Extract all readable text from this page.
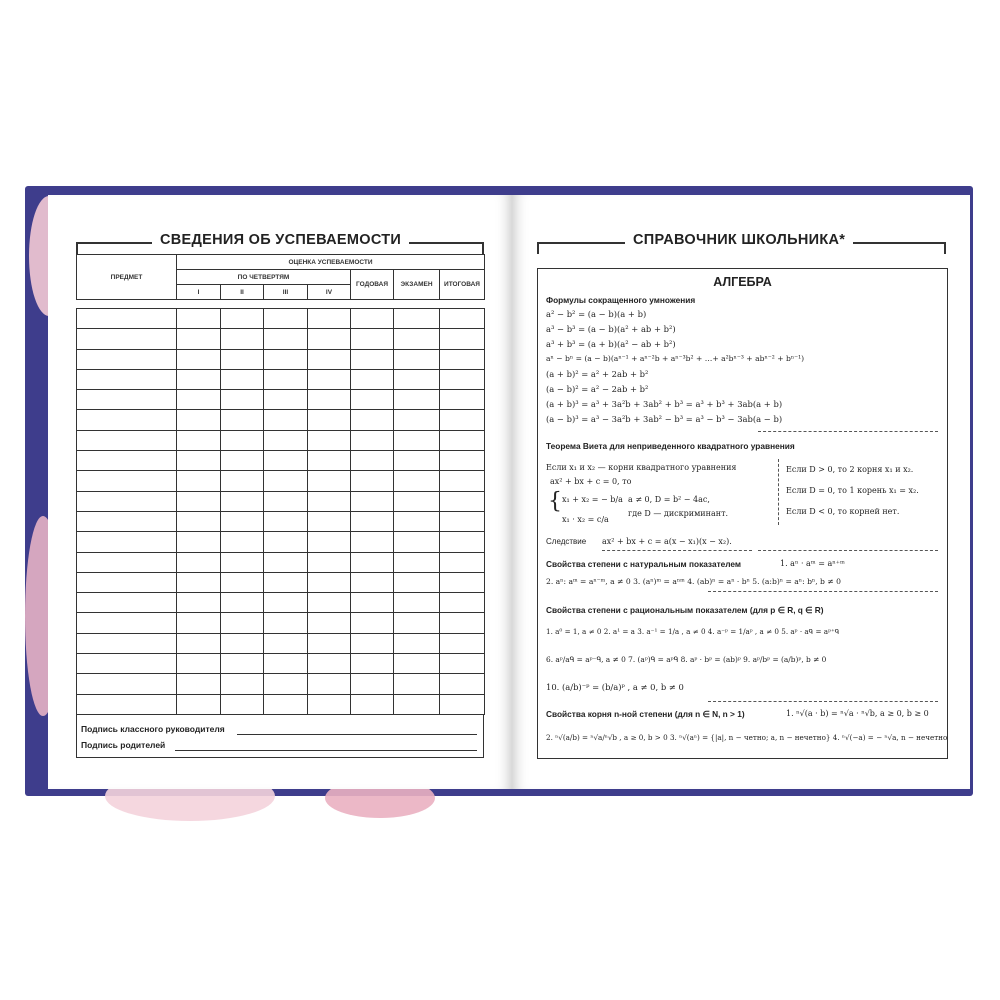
СВЕДЕНИЯ ОБ УСПЕВАЕМОСТИ
ПРЕДМЕТ	ОЦЕНКА УСПЕВАЕМОСТИ						
	ПО ЧЕТВЕРТЯМ				ГОДОВАЯ	ЭКЗАМЕН	ИТОГОВАЯ
	I	II	III	IV			

Подпись классного руководителя
Подпись родителей
СПРАВОЧНИК ШКОЛЬНИКА*
АЛГЕБРА
Формулы сокращенного умножения
a² − b² = (a − b)(a + b)
a³ − b³ = (a − b)(a² + ab + b²)
a³ + b³ = (a + b)(a² − ab + b²)
aⁿ − bⁿ = (a − b)(aⁿ⁻¹ + aⁿ⁻²b + aⁿ⁻³b² + …+ a²bⁿ⁻³ + abⁿ⁻² + bⁿ⁻¹)
(a + b)² = a² + 2ab + b²
(a − b)² = a² − 2ab + b²
(a + b)³ = a³ + 3a²b + 3ab² + b³ = a³ + b³ + 3ab(a + b)
(a − b)³ = a³ − 3a²b + 3ab² − b³ = a³ − b³ − 3ab(a − b)
Теорема Виета для неприведенного квадратного уравнения
Если x₁ и x₂ — корни квадратного уравнения
ax² + bx + c = 0, то
{ x₁ + x₂ = − b/a
x₁ · x₂ = c/a
a ≠ 0, D = b² − 4ac,
где D — дискриминант.
Если D > 0, то 2 корня x₁ и x₂.
Если D = 0, то 1 корень x₁ = x₂.
Если D < 0, то корней нет.
Следствие ax² + bx + c = a(x − x₁)(x − x₂).
Свойства степени с натуральным показателем	1. aⁿ · aᵐ = aⁿ⁺ᵐ
2. aⁿ: aᵐ = aⁿ⁻ᵐ, a ≠ 0 3. (aⁿ)ᵐ = aⁿᵐ 4. (ab)ⁿ = aⁿ · bⁿ 5. (a:b)ⁿ = aⁿ: bⁿ, b ≠ 0
Свойства степени с рациональным показателем (для p ∈ R, q ∈ R)
1. a⁰ = 1, a ≠ 0 2. a¹ = a 3. a⁻¹ = 1/a , a ≠ 0 4. a⁻ᵖ = 1/aᵖ , a ≠ 0 5. aᵖ · aᑫ = aᵖ⁺ᑫ
6. aᵖ/aᑫ = aᵖ⁻ᑫ, a ≠ 0 7. (aᵖ)ᑫ = aᵖᑫ 8. aᵖ · bᵖ = (ab)ᵖ 9. aᵖ/bᵖ = (a/b)ᵖ, b ≠ 0
10. (a/b)⁻ᵖ = (b/a)ᵖ , a ≠ 0, b ≠ 0
Свойства корня n-ной степени (для n ∈ N, n > 1)	1. ⁿ√(a · b) = ⁿ√a · ⁿ√b, a ≥ 0, b ≥ 0
2. ⁿ√(a/b) = ⁿ√a/ⁿ√b , a ≥ 0, b > 0 3. ⁿ√(aⁿ) = {|a|, n − четно; a, n − нечетно} 4. ⁿ√(−a) = − ⁿ√a, n − нечетно
